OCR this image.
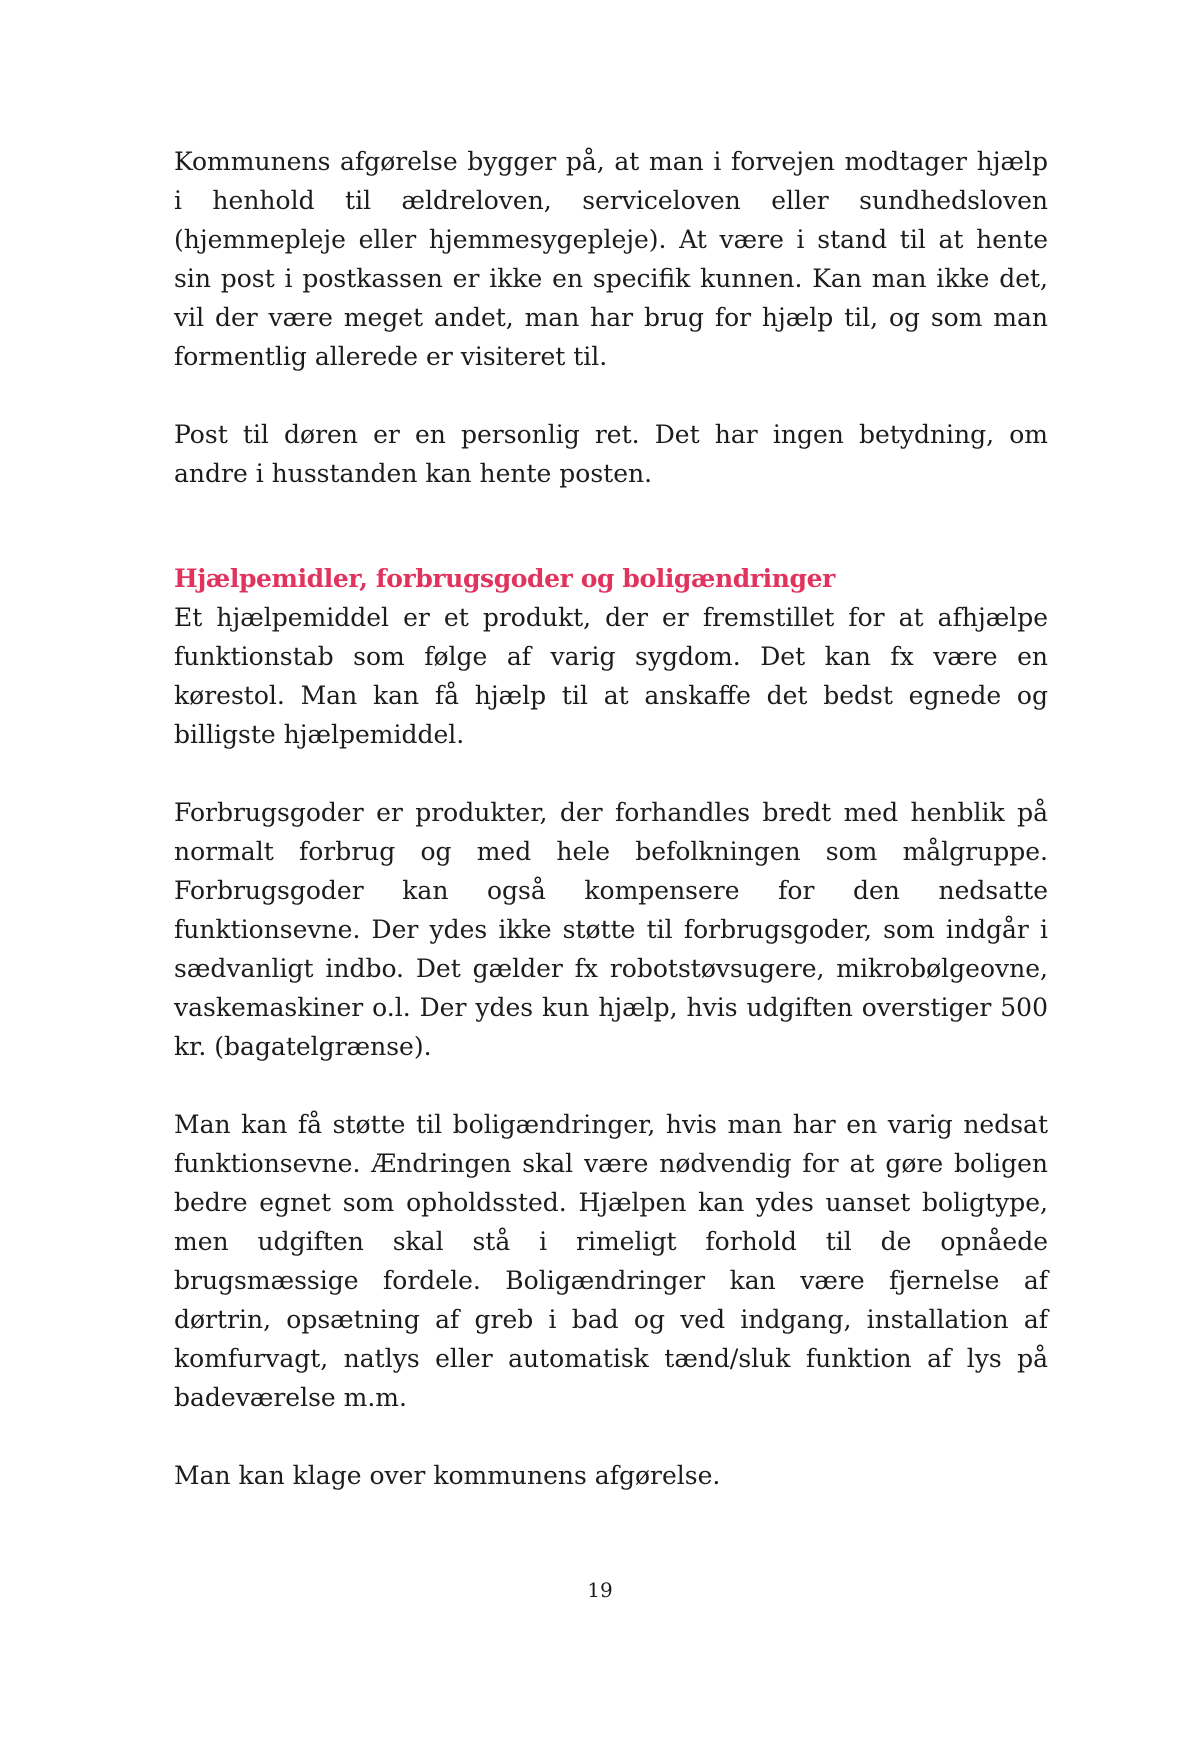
Kommunens afgørelse bygger på, at man i forvejen modtager hjælp i henhold til ældreloven, serviceloven eller sundhedsloven (hjemmepleje eller hjemmesygepleje). At være i stand til at hente sin post i postkassen er ikke en specifik kunnen. Kan man ikke det, vil der være meget andet, man har brug for hjælp til, og som man formentlig allerede er visiteret til.

Post til døren er en personlig ret. Det har ingen betydning, om andre i husstanden kan hente posten.

Hjælpemidler, forbrugsgoder og boligændringer

Et hjælpemiddel er et produkt, der er fremstillet for at afhjælpe funktionstab som følge af varig sygdom. Det kan fx være en kørestol. Man kan få hjælp til at anskaffe det bedst egnede og billigste hjælpemiddel.

Forbrugsgoder er produkter, der forhandles bredt med henblik på normalt forbrug og med hele befolkningen som målgruppe. Forbrugsgoder kan også kompensere for den nedsatte funktionsevne. Der ydes ikke støtte til forbrugsgoder, som indgår i sædvanligt indbo. Det gælder fx robotstøvsugere, mikrobølgeovne, vaskemaskiner o.l. Der ydes kun hjælp, hvis udgiften overstiger 500 kr. (bagatelgrænse).

Man kan få støtte til boligændringer, hvis man har en varig nedsat funktionsevne. Ændringen skal være nødvendig for at gøre boligen bedre egnet som opholdssted. Hjælpen kan ydes uanset boligtype, men udgiften skal stå i rimeligt forhold til de opnåede brugsmæssige fordele. Boligændringer kan være fjernelse af dørtrin, opsætning af greb i bad og ved indgang, installation af komfurvagt, natlys eller automatisk tænd/sluk funktion af lys på badeværelse m.m.

Man kan klage over kommunens afgørelse.

19
